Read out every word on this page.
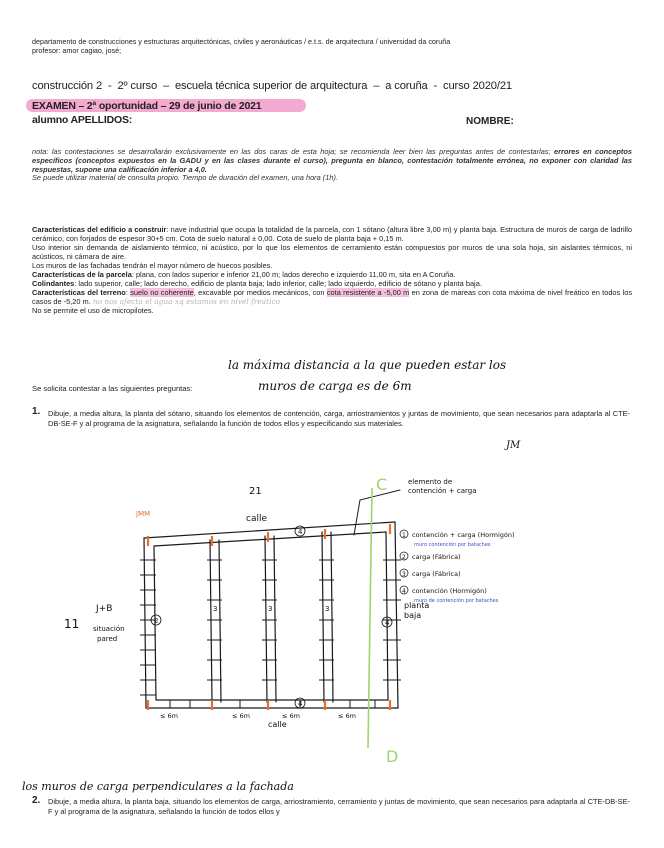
departamento de construcciones y estructuras arquitectónicas, civiles y aeronáuticas / e.t.s. de arquitectura / universidad da coruña
profesor: amor cagiao, josé;
construcción 2  -  2º curso  –  escuela técnica superior de arquitectura  –  a coruña  -  curso 2020/21
EXAMEN – 2ª oportunidad – 29 de junio de 2021
alumno APELLIDOS:	NOMBRE:
nota: las contestaciones se desarrollarán exclusivamente en las dos caras de esta hoja; se recomienda leer bien las preguntas antes de contestarlas; errores en conceptos específicos (conceptos expuestos en la GADU y en las clases durante el curso), pregunta en blanco, contestación totalmente errónea, no exponer con claridad las respuestas, supone una calificación inferior a 4,0.
Se puede utilizar material de consulta propio. Tiempo de duración del examen, una hora (1h).

Características del edificio a construir: nave industrial que ocupa la totalidad de la parcela, con 1 sótano (altura libre 3,00 m) y planta baja. Estructura de muros de carga de ladrillo cerámico, con forjados de espesor 30+5 cm. Cota de suelo natural ± 0,00. Cota de suelo de planta baja + 0,15 m.

Uso interior sin demanda de aislamiento térmico, ni acústico, por lo que los elementos de cerramiento están compuestos por muros de una sola hoja, sin aislantes térmicos, ni acústicos, ni cámara de aire.

Los muros de las fachadas tendrán el mayor número de huecos posibles.

Características de la parcela: plana, con lados superior e inferior 21,00 m; lados derecho e izquierdo 11,00 m, sita en A Coruña.

Colindantes: lado superior, calle; lado derecho, edificio de planta baja; lado inferior, calle; lado izquierdo, edificio de sótano y planta baja.

Características del terreno: suelo no coherente, excavable por medios mecánicos, con cota resistente a -5,00 m en zona de mareas con cota máxima de nivel freático en todos los casos de -5,20 m. no nos afecta el agua xq estamos en nivel freático

No se permite el uso de micropilotes.

la máxima distancia a la que pueden estar los
muros de carga es de 6m
Se solicita contestar a las siguientes preguntas:
1.	Dibuje, a media altura, la planta del sótano, situando los elementos de contención, carga, arriostramientos y juntas de movimiento, que sean necesarios para adaptarla al CTE-DB-SE-F y al programa de la asignatura, señalando la función de todos ellos y especificando sus materiales.
JM
4
2	4
4
3	3	3
C
D
21
calle
calle
JMM
11
J+B
situación
pared
elemento de
contención + carga
planta
baja
≤ 6m	≤ 6m	≤ 6m	≤ 6m
1 contención + carga (Hormigón)
muro contención por bataches
2 carga (Fábrica)
3 carga (Fábrica)
4 contención (Hormigón)
muro de contención por bataches
los muros de carga perpendiculares a la fachada
2.	Dibuje, a media altura, la planta baja, situando los elementos de carga, arriostramiento, cerramiento y juntas de movimiento, que sean necesarios para adaptarla al CTE-DB-SE-F y al programa de la asignatura, señalando la función de todos ellos y
